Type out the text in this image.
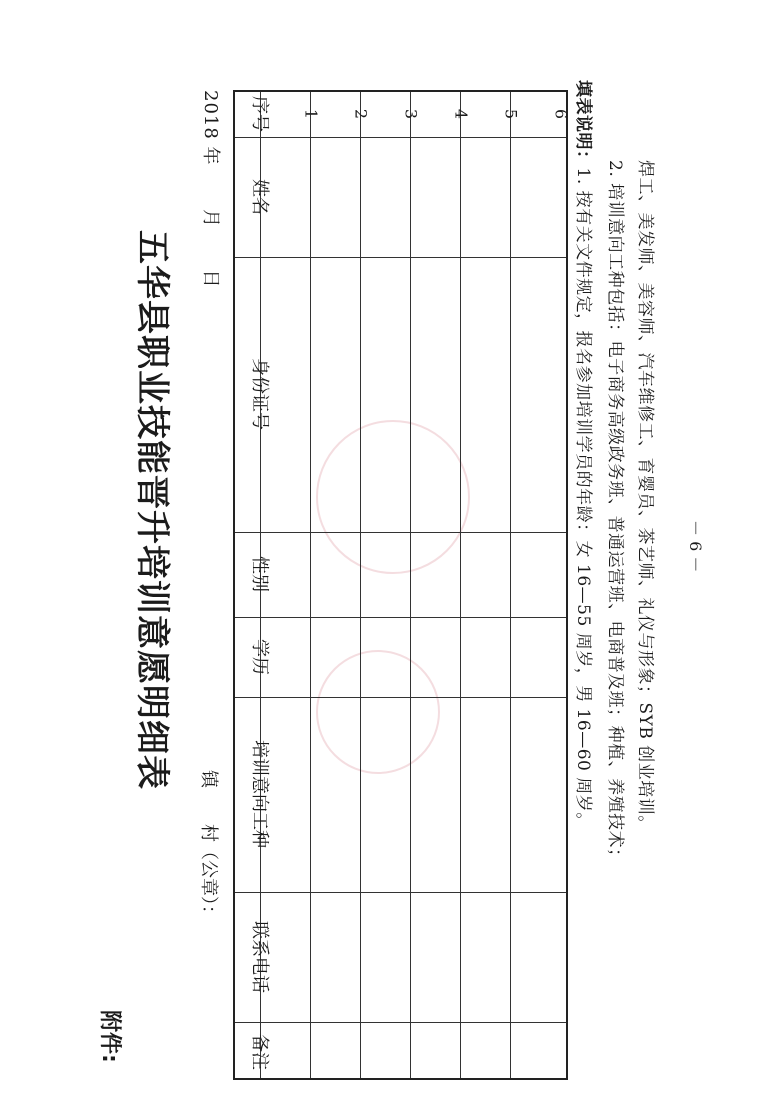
附件:
五华县职业技能晋升培训意愿明细表
镇　　村（公章）：
2018 年  月  日
序号
姓名
身份证号
性别
学历
培训意向工种
联系电话
备注
1 2 3 4 5 6 填表说明：1. 按有关文件规定，报名参加培训学员的年龄：女 16—55 周岁，男 16—60 周岁。 2. 培训意向工种包括：电子商务高级政务班、普通运营班、电商普及班；种植、养殖技术； 焊工、美发师、美容师、汽车维修工、育婴员、茶艺师、礼仪与形象；SYB 创业培训。	－ 6 －
